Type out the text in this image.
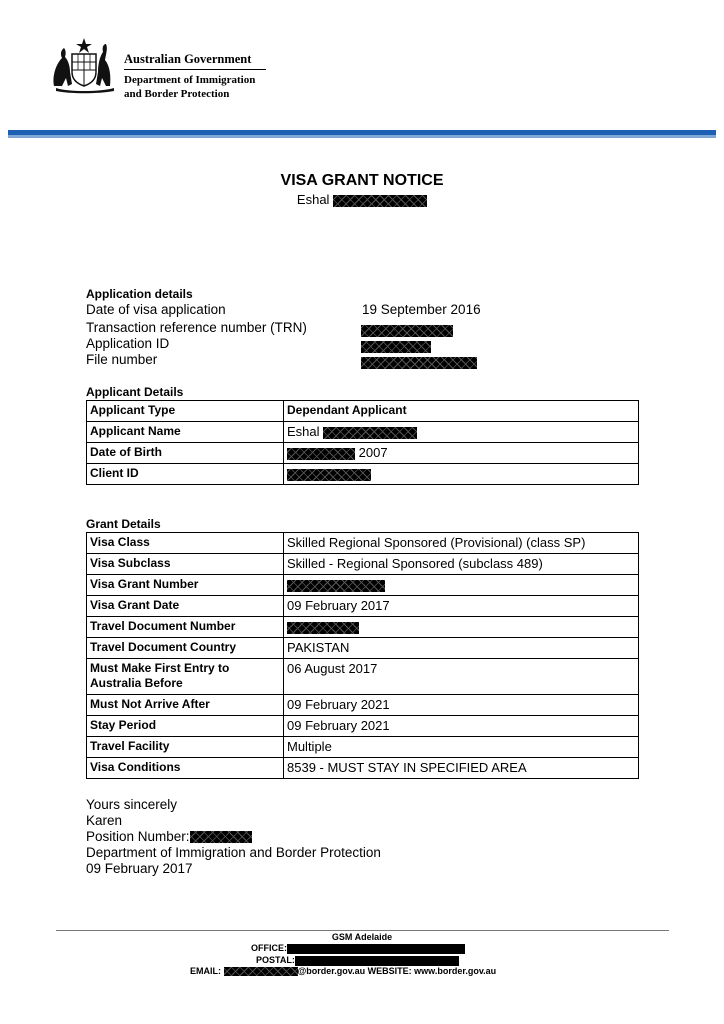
Australian Government
Department of Immigration
and Border Protection
VISA GRANT NOTICE
Eshal
Application details
Date of visa application	19 September 2016
Transaction reference number (TRN)
Application ID
File number
Applicant Details
Applicant Type	Dependant Applicant
Applicant Name	Eshal
Date of Birth	2007
Client ID	
Grant Details
Visa Class	Skilled Regional Sponsored (Provisional) (class SP)
Visa Subclass	Skilled - Regional Sponsored (subclass 489)
Visa Grant Number	
Visa Grant Date	09 February 2017
Travel Document Number	
Travel Document Country	PAKISTAN
Must Make First Entry to Australia Before	06 August 2017
Must Not Arrive After	09 February 2021
Stay Period	09 February 2021
Travel Facility	Multiple
Visa Conditions	8539 - MUST STAY IN SPECIFIED AREA
Yours sincerely
Karen
Position Number:
Department of Immigration and Border Protection
09 February 2017
GSM Adelaide
OFFICE:
POSTAL:
EMAIL:	@border.gov.au WEBSITE: www.border.gov.au
